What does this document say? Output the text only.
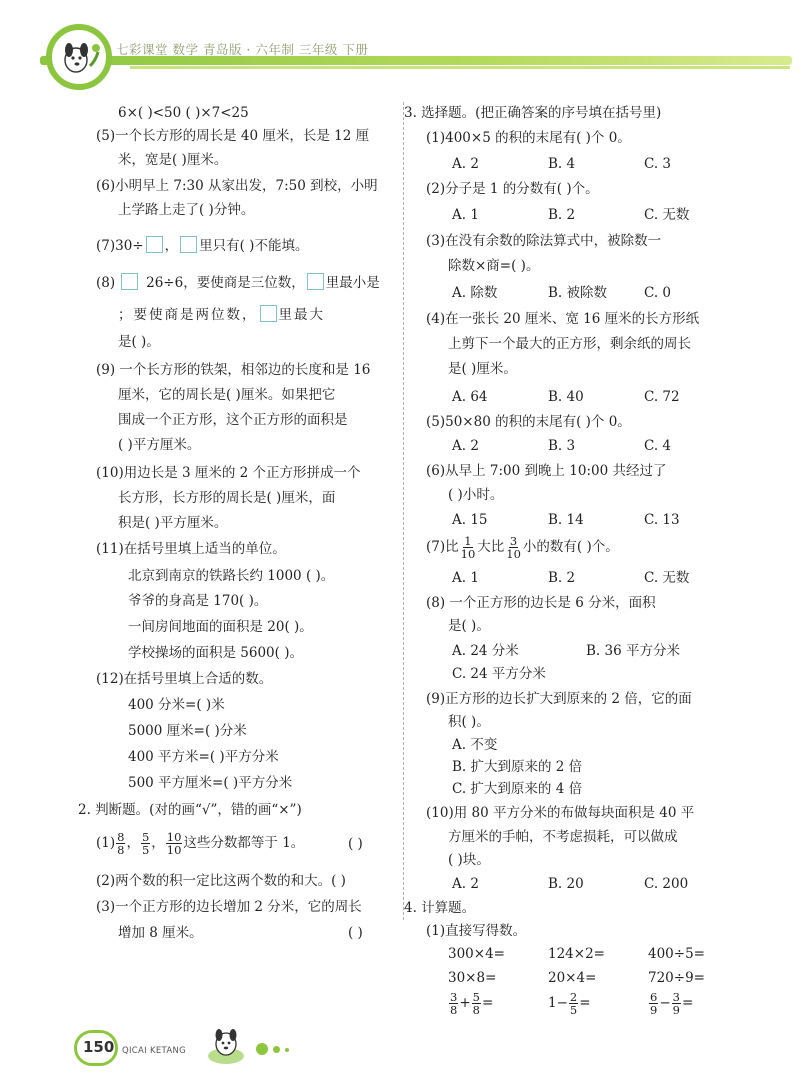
七彩课堂 数学 青岛版 · 六年制 三年级 下册
6×( )<50 ( )×7<25
(5)一个长方形的周长是 40 厘米，长是 12 厘
米，宽是( )厘米。
(6)小明早上 7:30 从家出发，7:50 到校，小明
上学路上走了( )分钟。
(7)30÷ ， 里只有( )不能填。
(8) 26÷6，要使商是三位数， 里最小是
；要使商是两位数， 里最大
是( )。
(9) 一个长方形的铁架，相邻边的长度和是 16
厘米，它的周长是( )厘米。如果把它
围成一个正方形，这个正方形的面积是
( )平方厘米。
(10)用边长是 3 厘米的 2 个正方形拼成一个
长方形，长方形的周长是( )厘米，面
积是( )平方厘米。
(11)在括号里填上适当的单位。
北京到南京的铁路长约 1000 ( )。
爷爷的身高是 170( )。
一间房间地面的面积是 20( )。
学校操场的面积是 5600( )。
(12)在括号里填上合适的数。
400 分米=( )米
5000 厘米=( )分米
400 平方米=( )平方分米
500 平方厘米=( )平方分米
2. 判断题。(对的画“√”，错的画“×”)
$(1) \frac{8}{8}$ ， $\frac{5}{5}$ ， $\frac{10}{10}$ 这些分数都等于 1。	( )
(2)两个数的积一定比这两个数的和大。( )
(3)一个正方形的边长增加 2 分米，它的周长
增加 8 厘米。	( )
3. 选择题。(把正确答案的序号填在括号里)
(1)400×5 的积的末尾有( )个 0。
A. 2	B. 4	C. 3
(2)分子是 1 的分数有( )个。
A. 1	B. 2	C. 无数
(3)在没有余数的除法算式中，被除数一
除数×商=( )。
A. 除数	B. 被除数	C. 0
(4)在一张长 20 厘米、宽 16 厘米的长方形纸
上剪下一个最大的正方形，剩余纸的周长
是( )厘米。
A. 64	B. 40	C. 72
(5)50×80 的积的末尾有( )个 0。
A. 2	B. 3	C. 4
(6)从早上 7:00 到晚上 10:00 共经过了
( )小时。
A. 15	B. 14	C. 13
(7)比 $\frac{1}{10}$ 大比 $\frac{3}{10}$ 小的数有( )个。
A. 1	B. 2	C. 无数
(8) 一个正方形的边长是 6 分米，面积
是( )。
A. 24 分米	B. 36 平方分米
C. 24 平方分米
(9)正方形的边长扩大到原来的 2 倍，它的面
积( )。
A. 不变
B. 扩大到原来的 2 倍
C. 扩大到原来的 4 倍
(10)用 80 平方分米的布做每块面积是 40 平
方厘米的手帕，不考虑损耗，可以做成
( )块。
A. 2	B. 20	C. 200
4. 计算题。
(1)直接写得数。
300×4=	124×2=	400÷5=
30×8=	20×4=	720÷9=
$\frac{3}{8} + \frac{5}{8}$ =	$1- \frac{2}{5}$ =	$\frac{6}{9} - \frac{3}{9}$ =
150 QICAI KETANG
